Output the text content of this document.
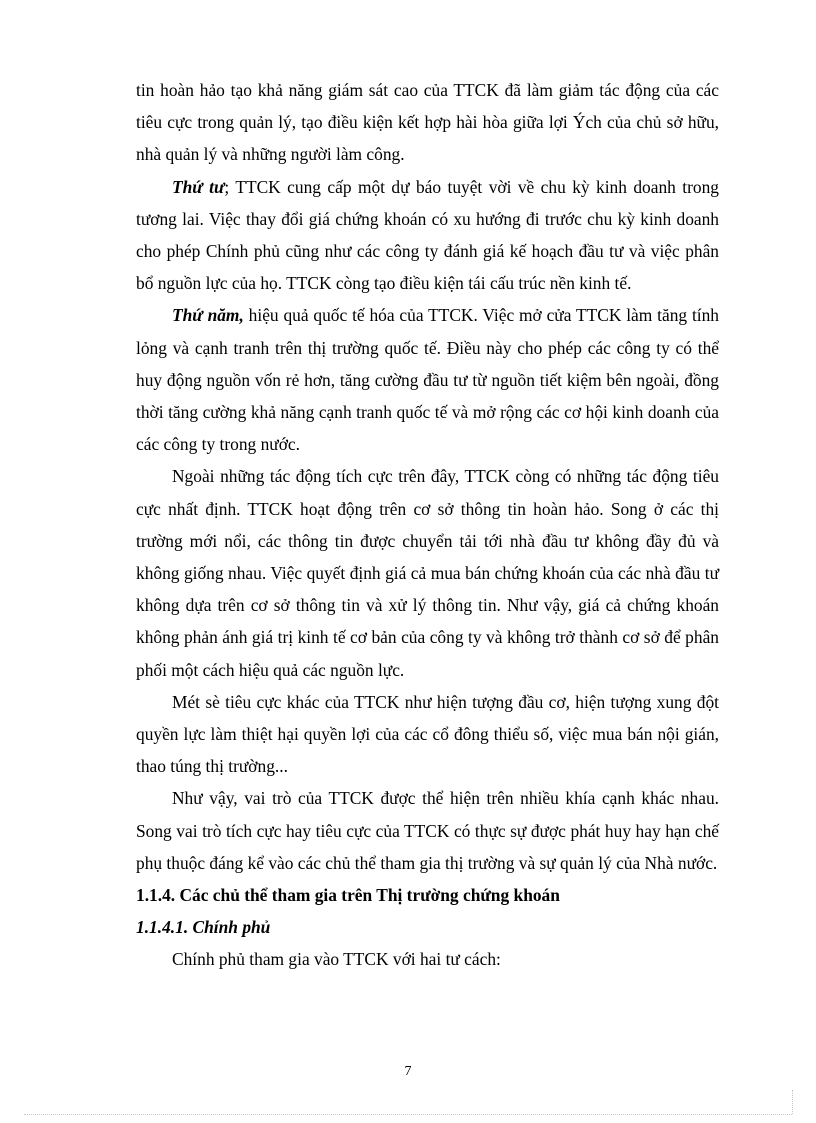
tin hoàn hảo tạo khả năng giám sát cao của TTCK đã làm giảm tác động của các tiêu cực trong quản lý, tạo điều kiện kết hợp hài hòa giữa lợi Ých của chủ sở hữu, nhà quản lý và những người làm công.

Thứ tư; TTCK cung cấp một dự báo tuyệt vời về chu kỳ kinh doanh trong tương lai. Việc thay đổi giá chứng khoán có xu hướng đi trước chu kỳ kinh doanh cho phép Chính phủ cũng như các công ty đánh giá kế hoạch đầu tư và việc phân bổ nguồn lực của họ. TTCK còng tạo điều kiện tái cấu trúc nền kinh tế.

Thứ năm, hiệu quả quốc tế hóa của TTCK. Việc mở cửa TTCK làm tăng tính lỏng và cạnh tranh trên thị trường quốc tế. Điều này cho phép các công ty có thể huy động nguồn vốn rẻ hơn, tăng cường đầu tư từ nguồn tiết kiệm bên ngoài, đồng thời tăng cường khả năng cạnh tranh quốc tế và mở rộng các cơ hội kinh doanh của các công ty trong nước.

Ngoài những tác động tích cực trên đây, TTCK còng có những tác động tiêu cực nhất định. TTCK hoạt động trên cơ sở thông tin hoàn hảo. Song ở các thị trường mới nổi, các thông tin được chuyển tải tới nhà đầu tư không đầy đủ và không giống nhau. Việc quyết định giá cả mua bán chứng khoán của các nhà đầu tư không dựa trên cơ sở thông tin và xử lý thông tin. Như vậy, giá cả chứng khoán không phản ánh giá trị kinh tế cơ bản của công ty và không trở thành cơ sở để phân phối một cách hiệu quả các nguồn lực.

Mét sè tiêu cực khác của TTCK như hiện tượng đầu cơ, hiện tượng xung đột quyền lực làm thiệt hại quyền lợi của các cổ đông thiểu số, việc mua bán nội gián, thao túng thị trường...

Như vậy, vai trò của TTCK được thể hiện trên nhiều khía cạnh khác nhau. Song vai trò tích cực hay tiêu cực của TTCK có thực sự được phát huy hay hạn chế phụ thuộc đáng kể vào các chủ thể tham gia thị trường và sự quản lý của Nhà nước.

1.1.4. Các chủ thể tham gia trên Thị trường chứng khoán

1.1.4.1. Chính phủ

Chính phủ tham gia vào TTCK với hai tư cách:

7
